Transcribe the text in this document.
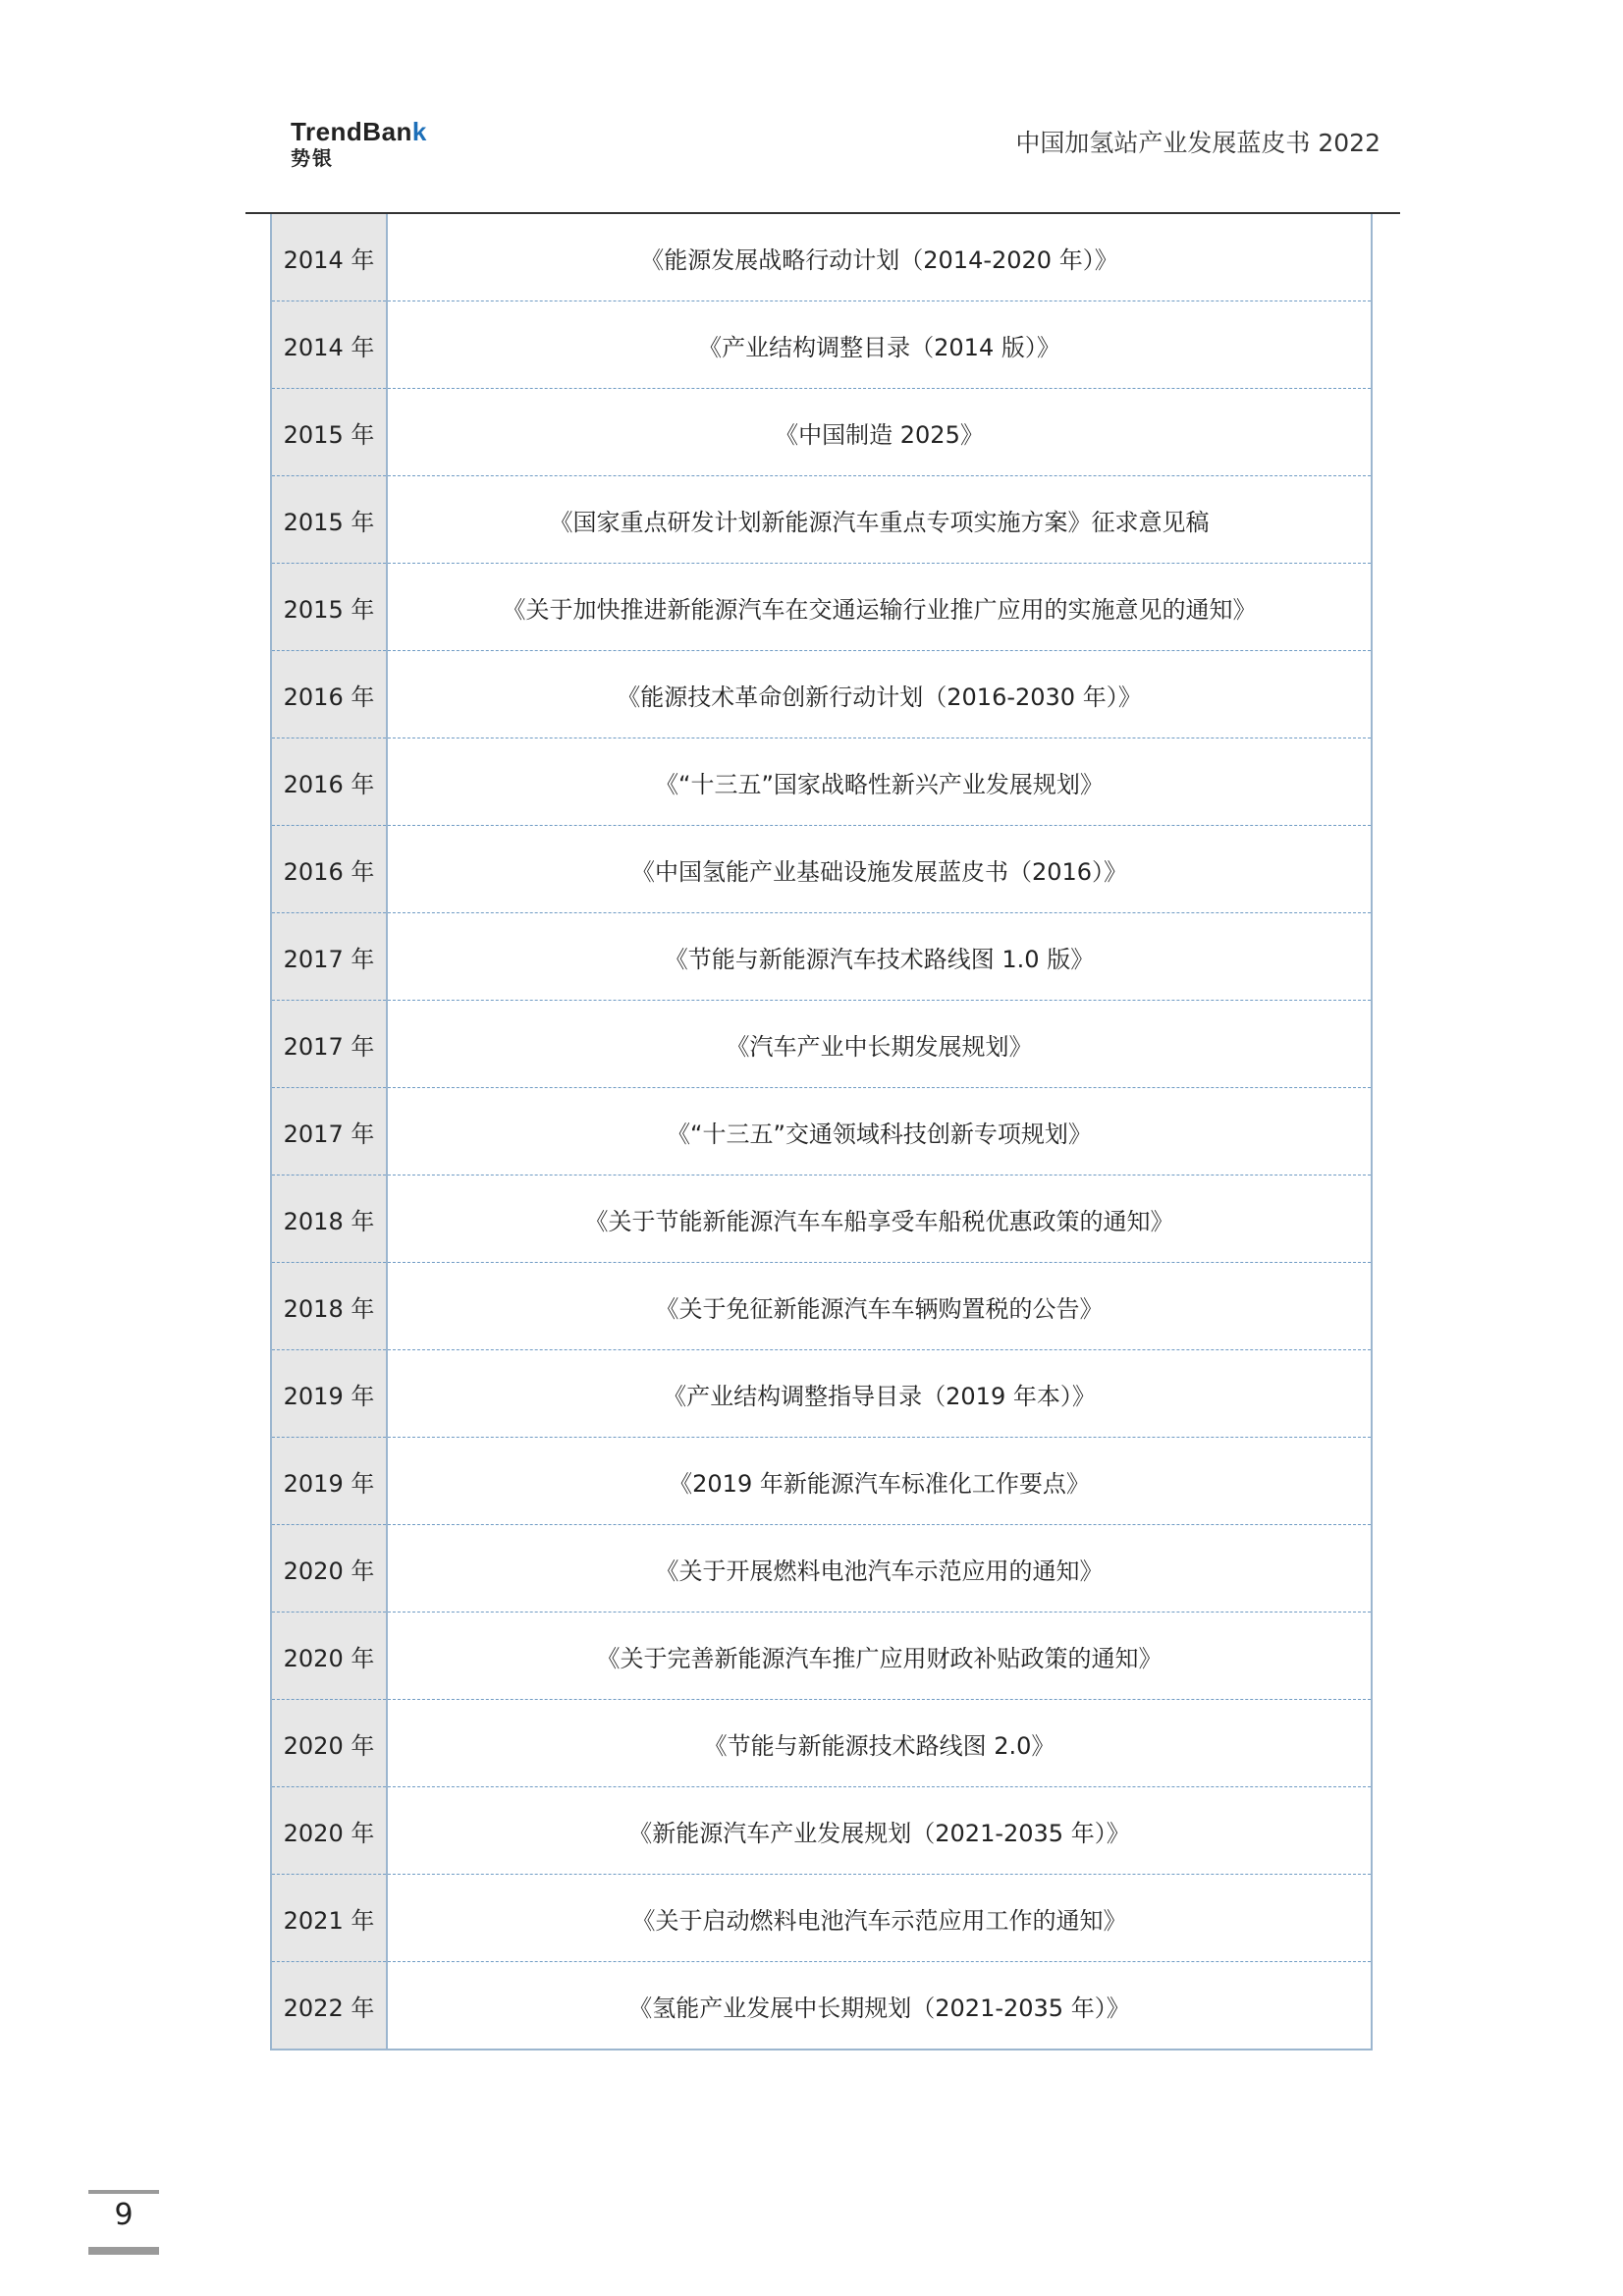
TrendBank
势银
中国加氢站产业发展蓝皮书 2022
2014 年	《能源发展战略行动计划（2014-2020 年）》
2014 年	《产业结构调整目录（2014 版）》
2015 年	《中国制造 2025》
2015 年	《国家重点研发计划新能源汽车重点专项实施方案》征求意见稿
2015 年	《关于加快推进新能源汽车在交通运输行业推广应用的实施意见的通知》
2016 年	《能源技术革命创新行动计划（2016-2030 年）》
2016 年	《“十三五”国家战略性新兴产业发展规划》
2016 年	《中国氢能产业基础设施发展蓝皮书（2016）》
2017 年	《节能与新能源汽车技术路线图 1.0 版》
2017 年	《汽车产业中长期发展规划》
2017 年	《“十三五”交通领域科技创新专项规划》
2018 年	《关于节能新能源汽车车船享受车船税优惠政策的通知》
2018 年	《关于免征新能源汽车车辆购置税的公告》
2019 年	《产业结构调整指导目录（2019 年本）》
2019 年	《2019 年新能源汽车标准化工作要点》
2020 年	《关于开展燃料电池汽车示范应用的通知》
2020 年	《关于完善新能源汽车推广应用财政补贴政策的通知》
2020 年	《节能与新能源技术路线图 2.0》
2020 年	《新能源汽车产业发展规划（2021-2035 年）》
2021 年	《关于启动燃料电池汽车示范应用工作的通知》
2022 年	《氢能产业发展中长期规划（2021-2035 年）》
9
